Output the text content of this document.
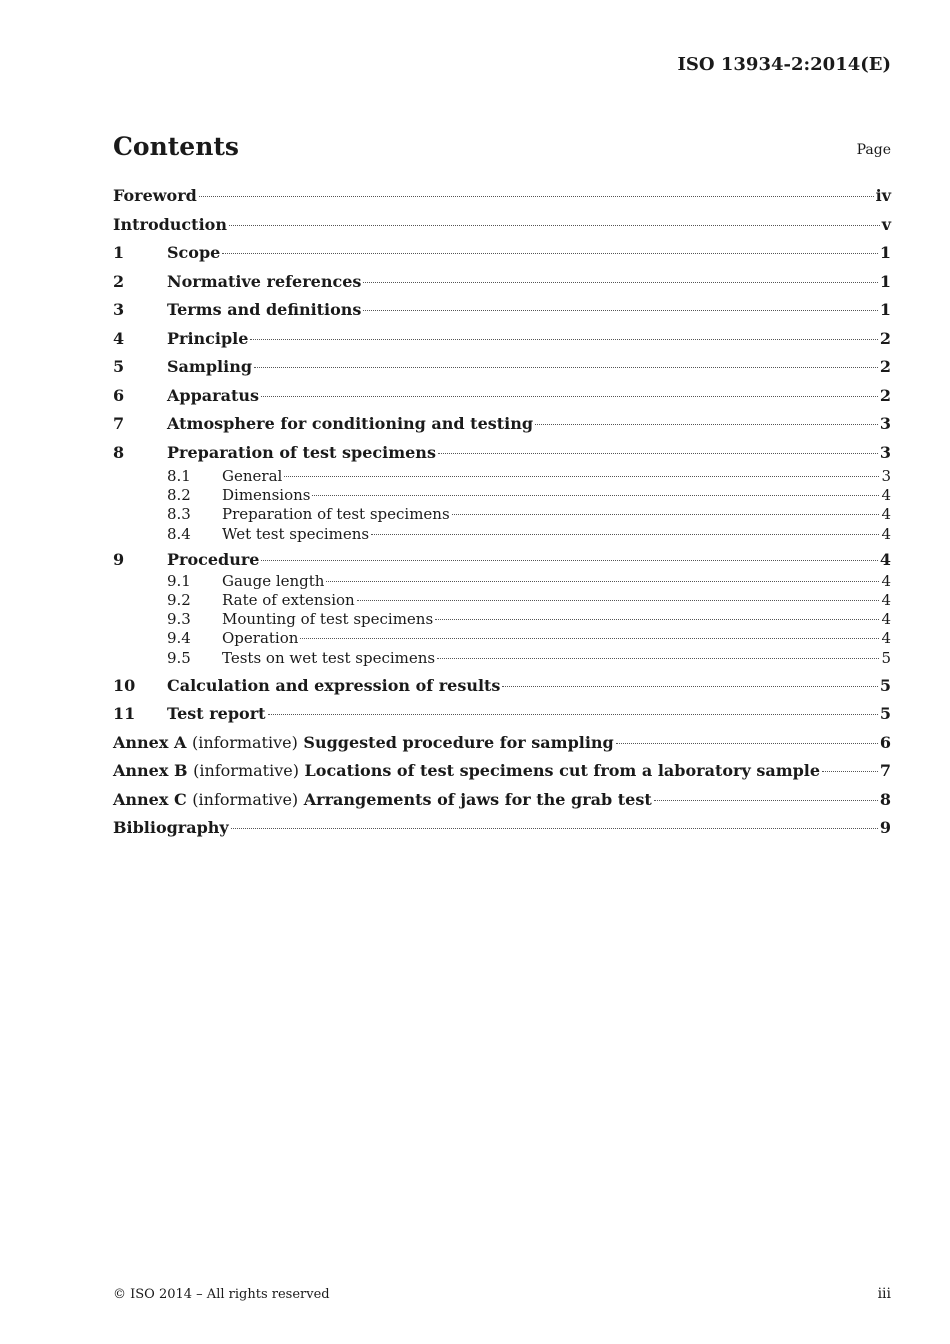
ISO 13934-2:2014(E)
Contents	Page
Foreword	iv
Introduction	v
1	Scope	1
2	Normative references	1
3	Terms and definitions	1
4	Principle	2
5	Sampling	2
6	Apparatus	2
7	Atmosphere for conditioning and testing	3
8	Preparation of test specimens	3
8.1	General	3
8.2	Dimensions	4
8.3	Preparation of test specimens	4
8.4	Wet test specimens	4
9	Procedure	4
9.1	Gauge length	4
9.2	Rate of extension	4
9.3	Mounting of test specimens	4
9.4	Operation	4
9.5	Tests on wet test specimens	5
10	Calculation and expression of results	5
11	Test report	5
Annex A (informative) Suggested procedure for sampling	6
Annex B (informative) Locations of test specimens cut from a laboratory sample	7
Annex C (informative) Arrangements of jaws for the grab test	8
Bibliography	9
© ISO 2014 – All rights reserved	iii
